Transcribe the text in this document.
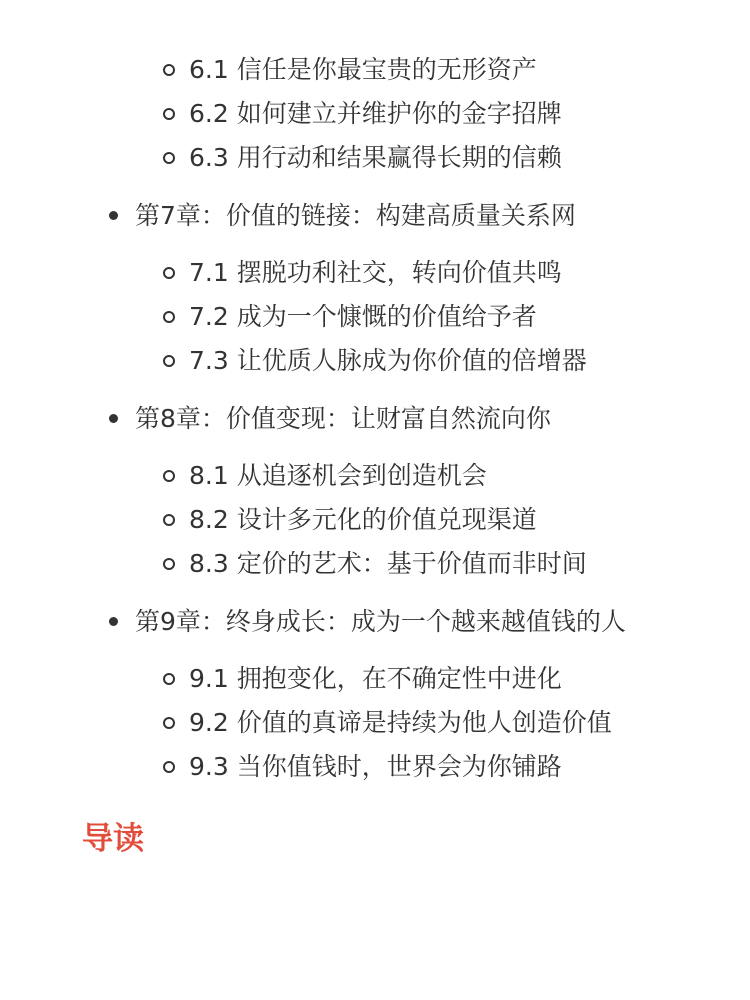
6.1 信任是你最宝贵的无形资产
6.2 如何建立并维护你的金字招牌
6.3 用行动和结果赢得长期的信赖
第7章：价值的链接：构建高质量关系网
7.1 摆脱功利社交，转向价值共鸣
7.2 成为一个慷慨的价值给予者
7.3 让优质人脉成为你价值的倍增器
第8章：价值变现：让财富自然流向你
8.1 从追逐机会到创造机会
8.2 设计多元化的价值兑现渠道
8.3 定价的艺术：基于价值而非时间
第9章：终身成长：成为一个越来越值钱的人
9.1 拥抱变化，在不确定性中进化
9.2 价值的真谛是持续为他人创造价值
9.3 当你值钱时，世界会为你铺路
导读
